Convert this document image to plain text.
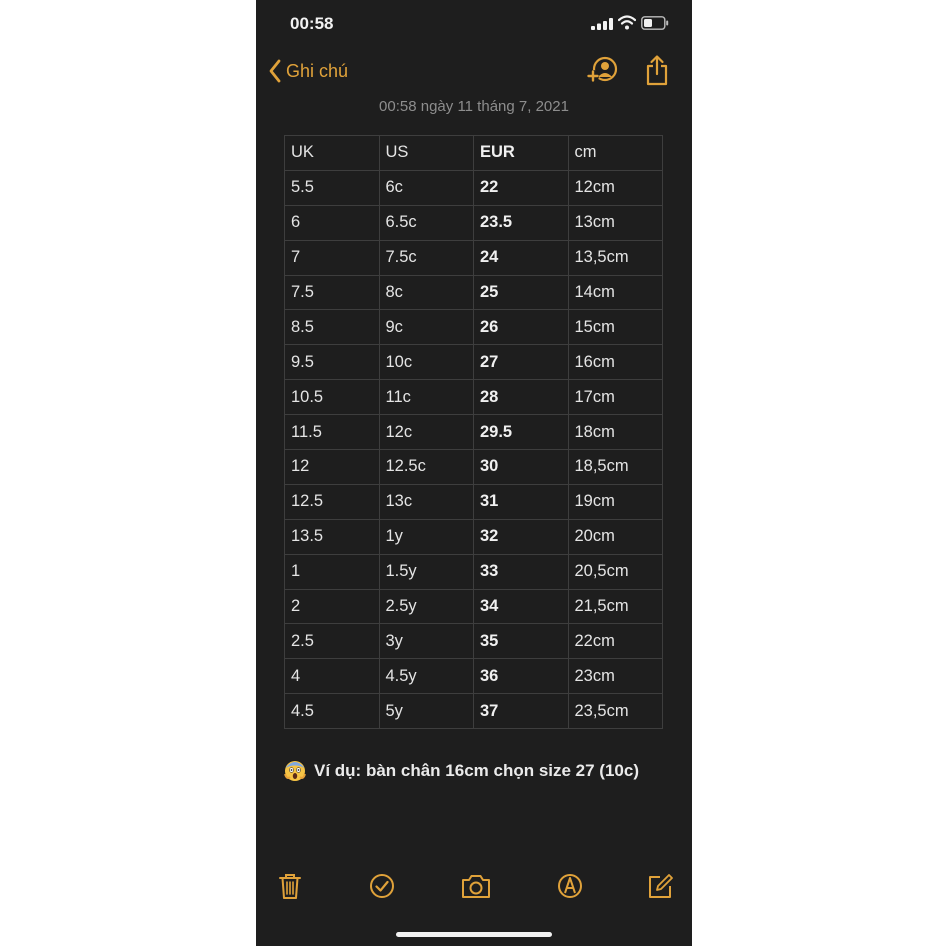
00:58
Ghi chú
00:58 ngày 11 tháng 7, 2021
UK	US	EUR	cm
5.5	6c	22	12cm
6	6.5c	23.5	13cm
7	7.5c	24	13,5cm
7.5	8c	25	14cm
8.5	9c	26	15cm
9.5	10c	27	16cm
10.5	11c	28	17cm
11.5	12c	29.5	18cm
12	12.5c	30	18,5cm
12.5	13c	31	19cm
13.5	1y	32	20cm
1	1.5y	33	20,5cm
2	2.5y	34	21,5cm
2.5	3y	35	22cm
4	4.5y	36	23cm
4.5	5y	37	23,5cm
Ví dụ: bàn chân 16cm chọn size 27 (10c)
